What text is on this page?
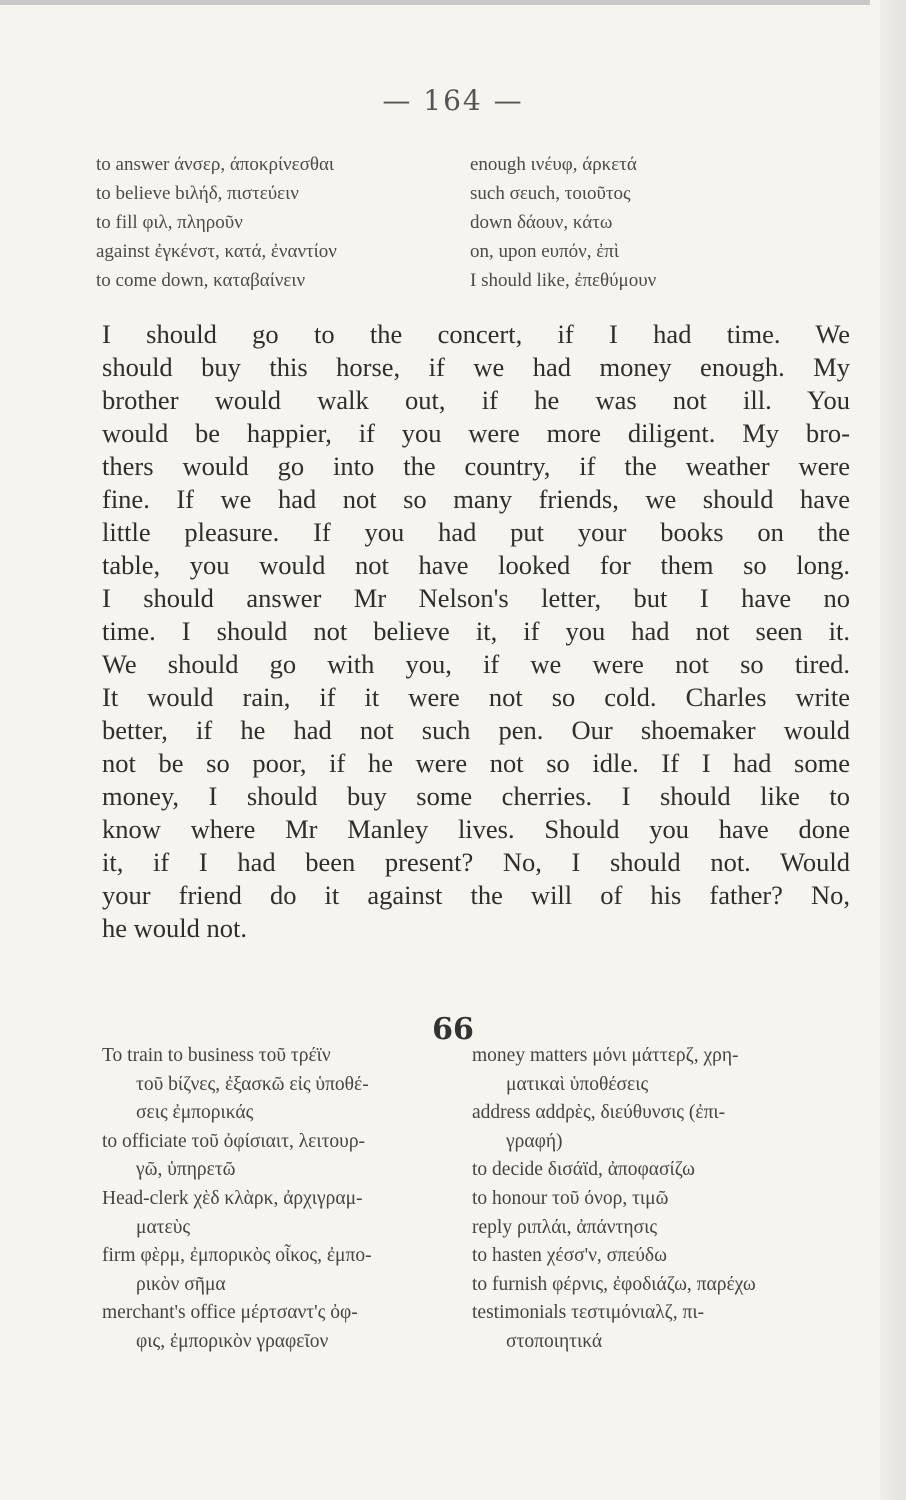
— 164 —
to answer άνσερ, άποκρίνεσθαι
to believe bιλήδ, πιστεύειν
to fill φιλ, πληροῦν
against ἐγκένστ, κατά, ἐναντίον
to come down, καταβαίνειν
enough ινέυφ, άρκετά
such σεuch, τοιοῦτος
down δάουν, κάτω
on, upon eυπόν, ἐπὶ
I should like, ἐπεθύμουν
I should go to the concert, if I had time. We
should buy this horse, if we had money enough. My
brother would walk out, if he was not ill. You
would be happier, if you were more diligent. My bro-
thers would go into the country, if the weather were
fine. If we had not so many friends, we should have
little pleasure. If you had put your books on the
table, you would not have looked for them so long.
I should answer Mr Nelson's letter, but I have no
time. I should not believe it, if you had not seen it.
We should go with you, if we were not so tired.
It would rain, if it were not so cold. Charles write
better, if he had not such pen. Our shoemaker would
not be so poor, if he were not so idle. If I had some
money, I should buy some cherries. I should like to
know where Mr Manley lives. Should you have done
it, if I had been present? No, I should not. Would
your friend do it against the will of his father? No,
he would not.
66
To train to business τοῦ τρέϊν
τοῦ bίζνες, ἐξασκῶ εἰς ὑποθέ-
σεις ἐμπορικάς
to officiate τοῦ ὀφίσιαιτ, λειτουρ-
γῶ, ὑπηρετῶ
Head-clerk χὲδ κλὰρκ, ἀρχιγραμ-
ματεὺς
firm φὲρμ, ἐμπορικὸς οἶκος, ἐμπο-
ρικὸν σῆμα
merchant's office μέρτσαντ'ς ὀφ-
φις, ἐμπορικὸν γραφεῖον
money matters μόνι μάττερζ, χρη-
ματικαὶ ὑποθέσεις
address αddρὲς, διεύθυνσις (ἐπι-
γραφή)
to decide δισάϊd, ἀποφασίζω
to honour τοῦ όνορ, τιμῶ
reply ριπλάι, ἀπάντησις
to hasten χέσσ'ν, σπεύδω
to furnish φέρνις, ἐφοδιάζω, παρέχω
testimonials τεστιμόνιαλζ, πι-
στοποιητικά
